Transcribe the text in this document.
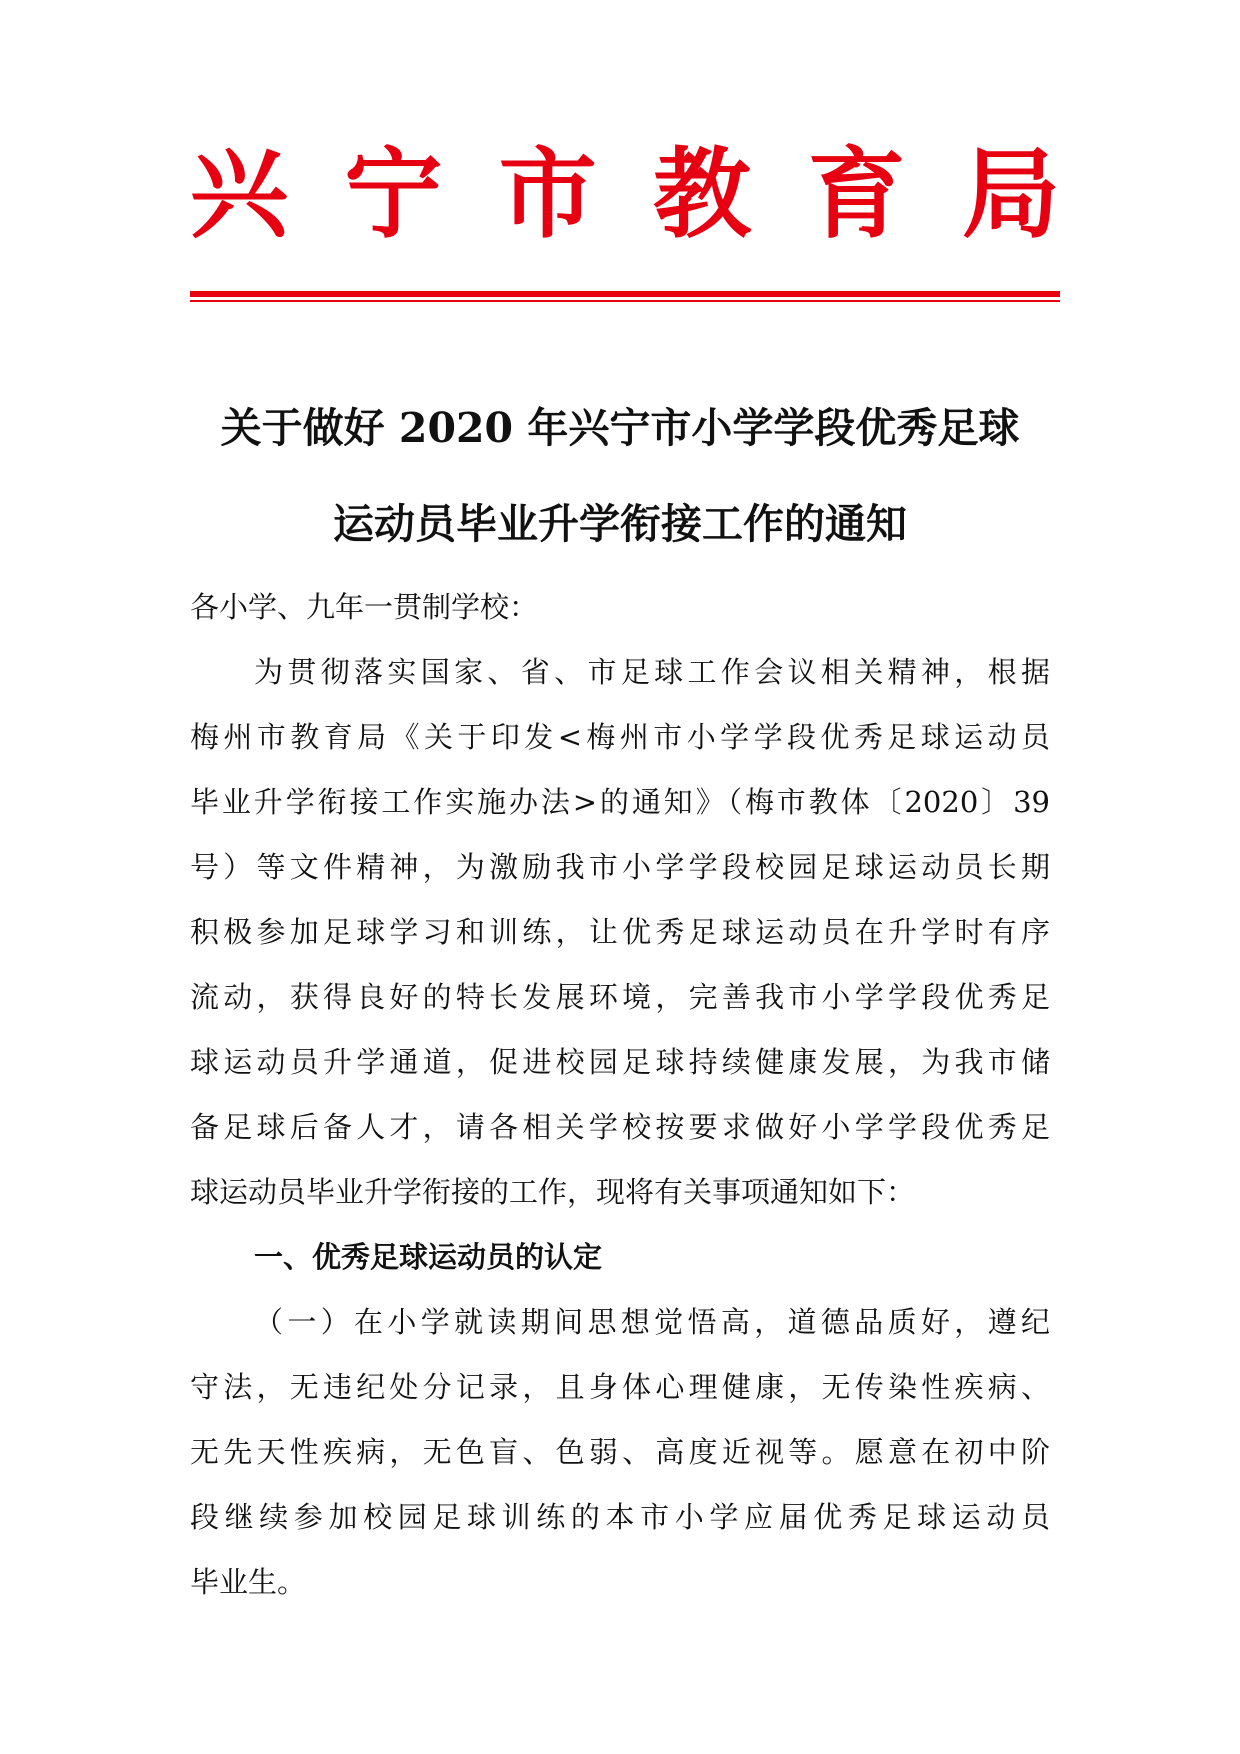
兴 宁 市 教 育 局
关于做好 2020 年兴宁市小学学段优秀足球
运动员毕业升学衔接工作的通知
各小学、九年一贯制学校：
为贯彻落实国家、省、市足球工作会议相关精神，根据
梅州市教育局《关于印发<梅州市小学学段优秀足球运动员
毕业升学衔接工作实施办法>的通知》（梅市教体〔2020〕39
号）等文件精神，为激励我市小学学段校园足球运动员长期
积极参加足球学习和训练，让优秀足球运动员在升学时有序
流动，获得良好的特长发展环境，完善我市小学学段优秀足
球运动员升学通道，促进校园足球持续健康发展，为我市储
备足球后备人才，请各相关学校按要求做好小学学段优秀足
球运动员毕业升学衔接的工作，现将有关事项通知如下：
一、优秀足球运动员的认定
（一）在小学就读期间思想觉悟高，道德品质好，遵纪
守法，无违纪处分记录，且身体心理健康，无传染性疾病、
无先天性疾病，无色盲、色弱、高度近视等。愿意在初中阶
段继续参加校园足球训练的本市小学应届优秀足球运动员
毕业生。
